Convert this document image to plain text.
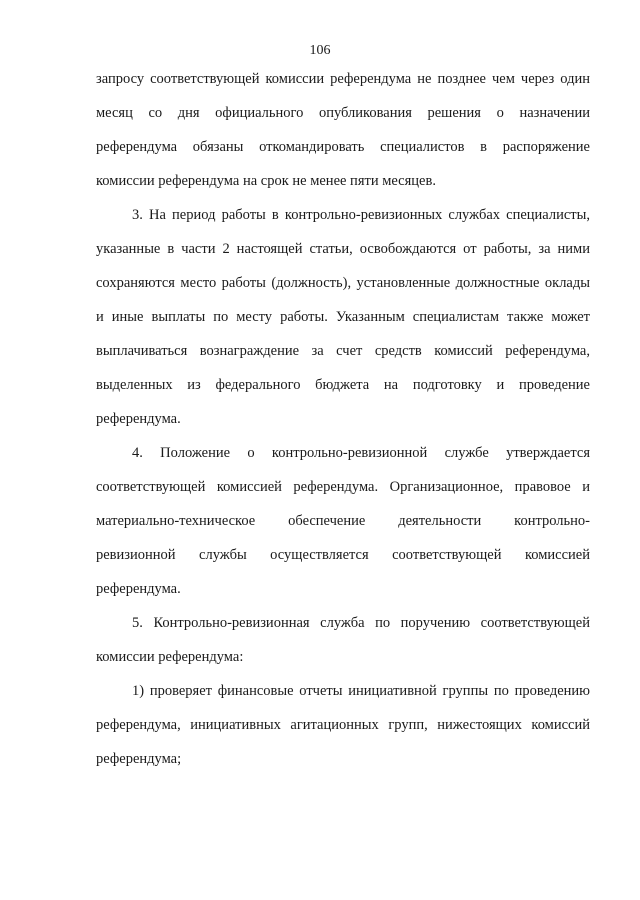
106
запросу соответствующей комиссии референдума не позднее чем через один
месяц со дня официального опубликования решения о назначении
референдума обязаны откомандировать специалистов в распоряжение
комиссии референдума на срок не менее пяти месяцев.
3. На период работы в контрольно-ревизионных службах специалисты,
указанные в части 2 настоящей статьи, освобождаются от работы, за ними
сохраняются место работы (должность), установленные должностные оклады
и иные выплаты по месту работы. Указанным специалистам также может
выплачиваться вознаграждение за счет средств комиссий референдума,
выделенных из федерального бюджета на подготовку и проведение
референдума.
4. Положение о контрольно-ревизионной службе утверждается
соответствующей комиссией референдума. Организационное, правовое и
материально-техническое обеспечение деятельности контрольно-
ревизионной службы осуществляется соответствующей комиссией
референдума.
5. Контрольно-ревизионная служба по поручению соответствующей
комиссии референдума:
1) проверяет финансовые отчеты инициативной группы по проведению
референдума, инициативных агитационных групп, нижестоящих комиссий
референдума;
